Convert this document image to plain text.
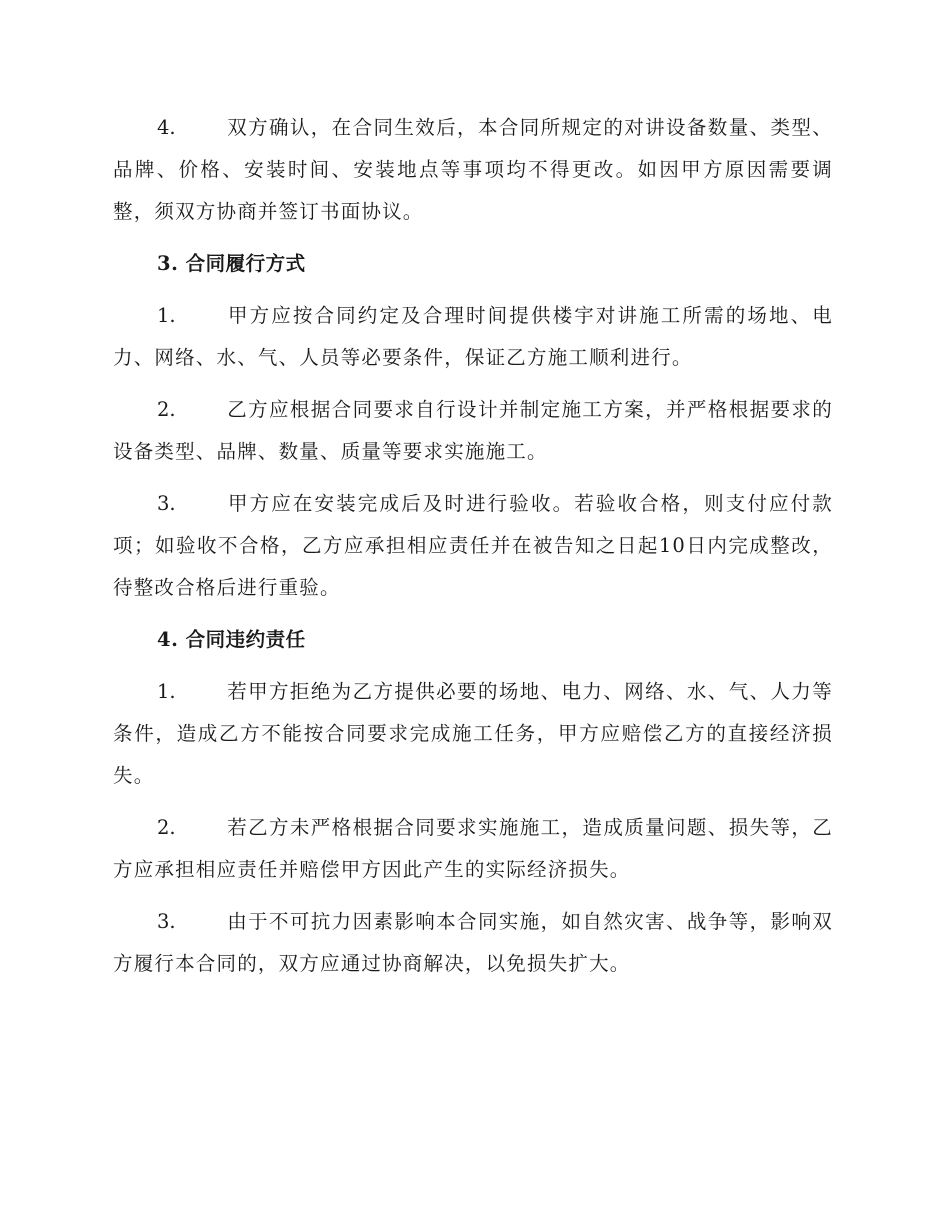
4.	双方确认，在合同生效后，本合同所规定的对讲设备数量、类型、品牌、价格、安装时间、安装地点等事项均不得更改。如因甲方原因需要调整，须双方协商并签订书面协议。

3. 合同履行方式

1.	甲方应按合同约定及合理时间提供楼宇对讲施工所需的场地、电力、网络、水、气、人员等必要条件，保证乙方施工顺利进行。

2.	乙方应根据合同要求自行设计并制定施工方案，并严格根据要求的设备类型、品牌、数量、质量等要求实施施工。

3.	甲方应在安装完成后及时进行验收。若验收合格，则支付应付款项；如验收不合格，乙方应承担相应责任并在被告知之日起10日内完成整改，待整改合格后进行重验。

4. 合同违约责任

1.	若甲方拒绝为乙方提供必要的场地、电力、网络、水、气、人力等条件，造成乙方不能按合同要求完成施工任务，甲方应赔偿乙方的直接经济损失。

2.	若乙方未严格根据合同要求实施施工，造成质量问题、损失等，乙方应承担相应责任并赔偿甲方因此产生的实际经济损失。

3.	由于不可抗力因素影响本合同实施，如自然灾害、战争等，影响双方履行本合同的，双方应通过协商解决，以免损失扩大。
